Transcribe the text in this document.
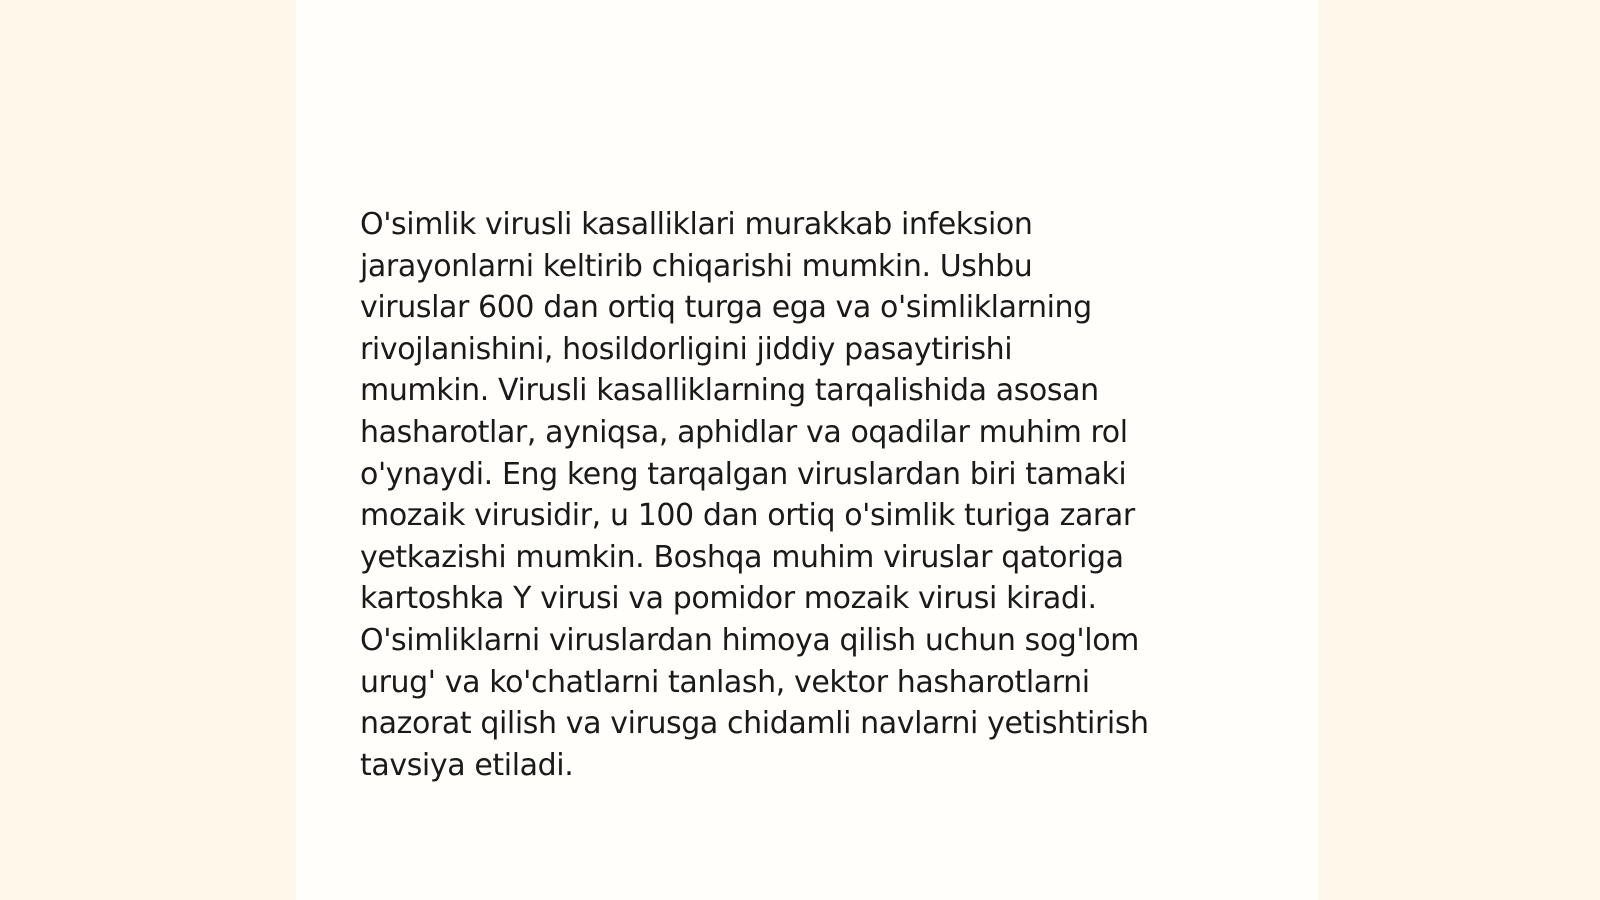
O'simlik virusli kasalliklari murakkab infeksion
jarayonlarni keltirib chiqarishi mumkin. Ushbu
viruslar 600 dan ortiq turga ega va o'simliklarning
rivojlanishini, hosildorligini jiddiy pasaytirishi
mumkin. Virusli kasalliklarning tarqalishida asosan
hasharotlar, ayniqsa, aphidlar va oqadilar muhim rol
o'ynaydi. Eng keng tarqalgan viruslardan biri tamaki
mozaik virusidir, u 100 dan ortiq o'simlik turiga zarar
yetkazishi mumkin. Boshqa muhim viruslar qatoriga
kartoshka Y virusi va pomidor mozaik virusi kiradi.
O'simliklarni viruslardan himoya qilish uchun sog'lom
urug' va ko'chatlarni tanlash, vektor hasharotlarni
nazorat qilish va virusga chidamli navlarni yetishtirish
tavsiya etiladi.
